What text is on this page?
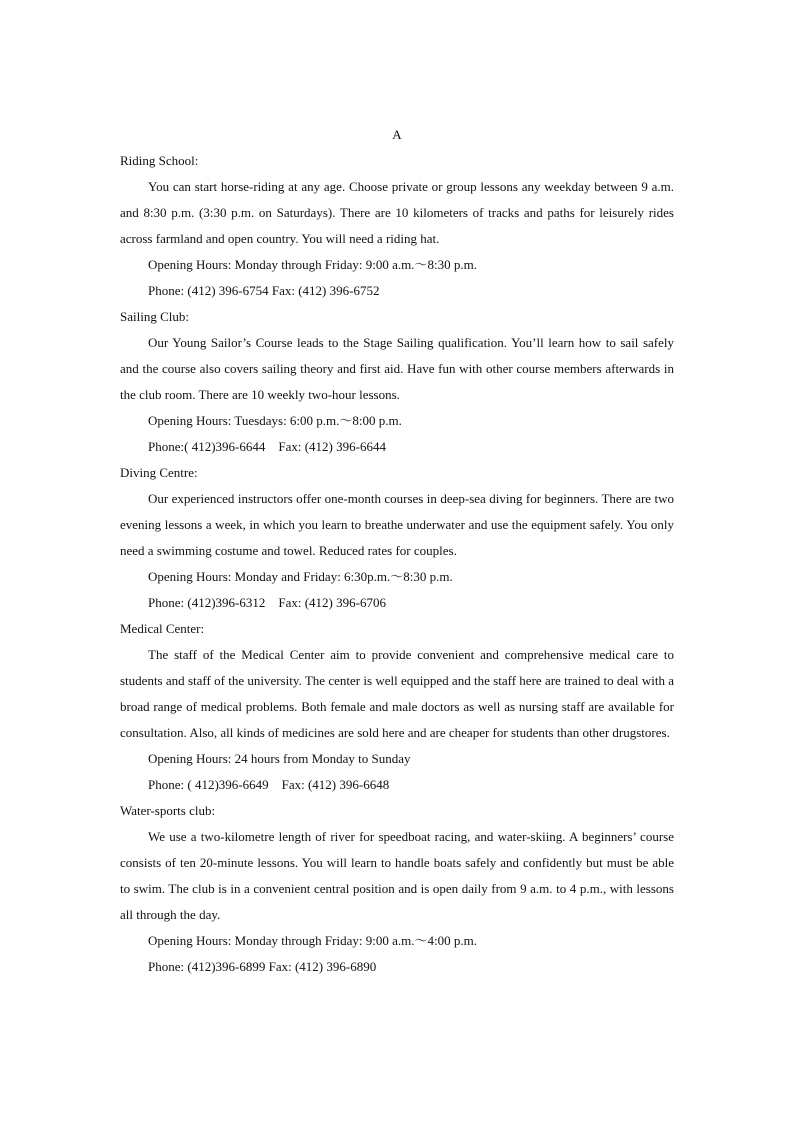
A

Riding School:

You can start horse-riding at any age. Choose private or group lessons any weekday between 9 a.m. and 8:30 p.m. (3:30 p.m. on Saturdays). There are 10 kilometers of tracks and paths for leisurely rides across farmland and open country. You will need a riding hat.

Opening Hours: Monday through Friday: 9:00 a.m.～8:30 p.m.

Phone: (412) 396-6754 Fax: (412) 396-6752

Sailing Club:

Our Young Sailor’s Course leads to the Stage Sailing qualification. You’ll learn how to sail safely and the course also covers sailing theory and first aid. Have fun with other course members afterwards in the club room. There are 10 weekly two-hour lessons.

Opening Hours: Tuesdays: 6:00 p.m.～8:00 p.m.

Phone:( 412)396-6644    Fax: (412) 396-6644

Diving Centre:

Our experienced instructors offer one-month courses in deep-sea diving for beginners. There are two evening lessons a week, in which you learn to breathe underwater and use the equipment safely. You only need a swimming costume and towel. Reduced rates for couples.

Opening Hours: Monday and Friday: 6:30p.m.～8:30 p.m.

Phone: (412)396-6312    Fax: (412) 396-6706

Medical Center:

The staff of the Medical Center aim to provide convenient and comprehensive medical care to students and staff of the university. The center is well equipped and the staff here are trained to deal with a broad range of medical problems. Both female and male doctors as well as nursing staff are available for consultation. Also, all kinds of medicines are sold here and are cheaper for students than other drugstores.

Opening Hours: 24 hours from Monday to Sunday

Phone: ( 412)396-6649    Fax: (412) 396-6648

Water-sports club:

We use a two-kilometre length of river for speedboat racing, and water-skiing. A beginners’ course consists of ten 20-minute lessons. You will learn to handle boats safely and confidently but must be able to swim. The club is in a convenient central position and is open daily from 9 a.m. to 4 p.m., with lessons all through the day.

Opening Hours: Monday through Friday: 9:00 a.m.～4:00 p.m.

Phone: (412)396-6899 Fax: (412) 396-6890
